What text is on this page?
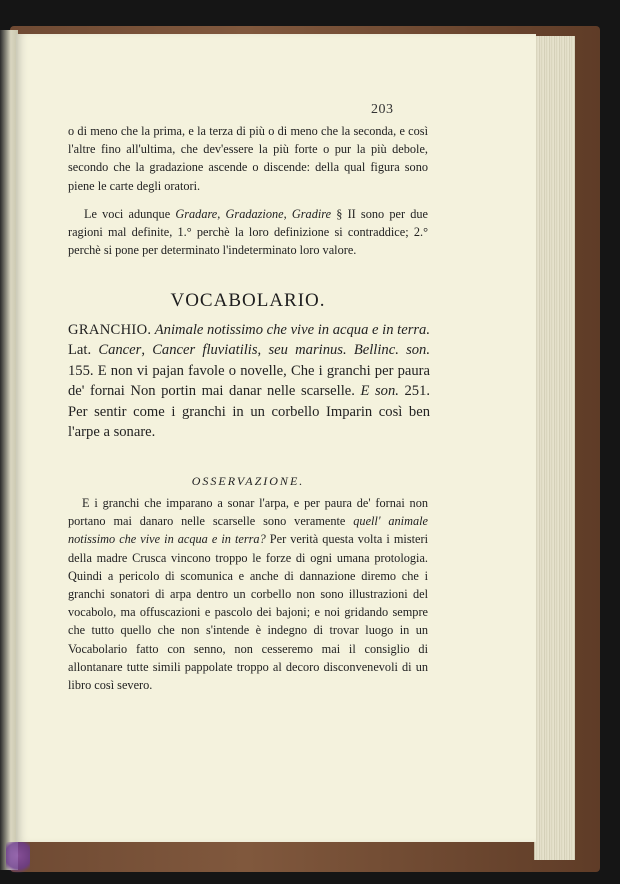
203

o di meno che la prima, e la terza di più o di meno che la seconda, e così l'altre fino all'ultima, che dev'essere la più forte o pur la più debole, secondo che la gradazione ascende o discende: della qual figura sono piene le carte degli oratori.

Le voci adunque Gradare, Gradazione, Gradire § II sono per due ragioni mal definite, 1.° perchè la loro definizione si contraddice; 2.° perchè si pone per determinato l'indeterminato loro valore.

VOCABOLARIO.

GRANCHIO. Animale notissimo che vive in acqua e in terra. Lat. Cancer, Cancer fluviatilis, seu marinus. Bellinc. son. 155. E non vi pajan favole o novelle, Che i granchi per paura de' fornai Non portin mai danar nelle scarselle. E son. 251. Per sentir come i granchi in un corbello Imparin così ben l'arpe a sonare.

OSSERVAZIONE.

E i granchi che imparano a sonar l'arpa, e per paura de' fornai non portano mai danaro nelle scarselle sono veramente quell' animale notissimo che vive in acqua e in terra? Per verità questa volta i misteri della madre Crusca vincono troppo le forze di ogni umana protologia. Quindi a pericolo di scomunica e anche di dannazione diremo che i granchi sonatori di arpa dentro un corbello non sono illustrazioni del vocabolo, ma offuscazioni e pascolo dei bajoni; e noi gridando sempre che tutto quello che non s'intende è indegno di trovar luogo in un Vocabolario fatto con senno, non cesseremo mai il consiglio di allontanare tutte simili pappolate troppo al decoro disconvenevoli di un libro così severo.
